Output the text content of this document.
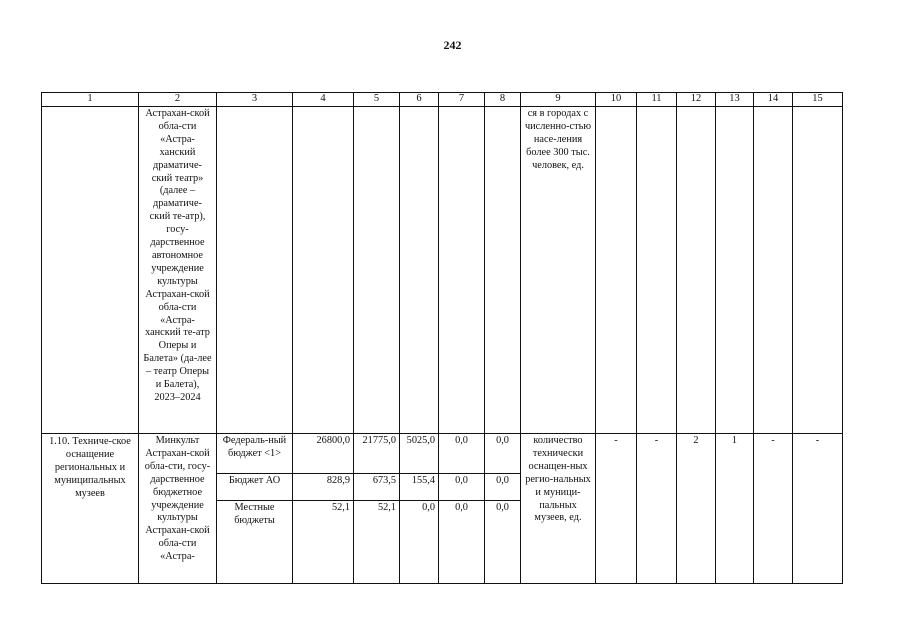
242
1	2	3	4	5	6	7	8	9	10	11	12	13	14	15
	Астрахан-ской обла-сти «Астра-ханский драматиче-ский театр» (далее – драматиче-ский те-атр), госу-дарственное автономное учреждение культуры Астрахан-ской обла-сти «Астра-ханский те-атр Оперы и Балета» (да-лее – театр Оперы и Балета), 2023–2024							ся в городах с численно-стью насе-ления более 300 тыс. человек, ед.						
1.10. Техниче-ское оснащение региональных и муниципальных музеев	Минкульт Астрахан-ской обла-сти, госу-дарственное бюджетное учреждение культуры Астрахан-ской обла-сти «Астра-	Федераль-ный бюджет <1>	26800,0	21775,0	5025,0	0,0	0,0	количество технически оснащен-ных регио-нальных и муници-пальных музеев, ед.	-	-	2	1	-	-
		Бюджет АО	828,9	673,5	155,4	0,0	0,0							
		Местные бюджеты	52,1	52,1	0,0	0,0	0,0							
